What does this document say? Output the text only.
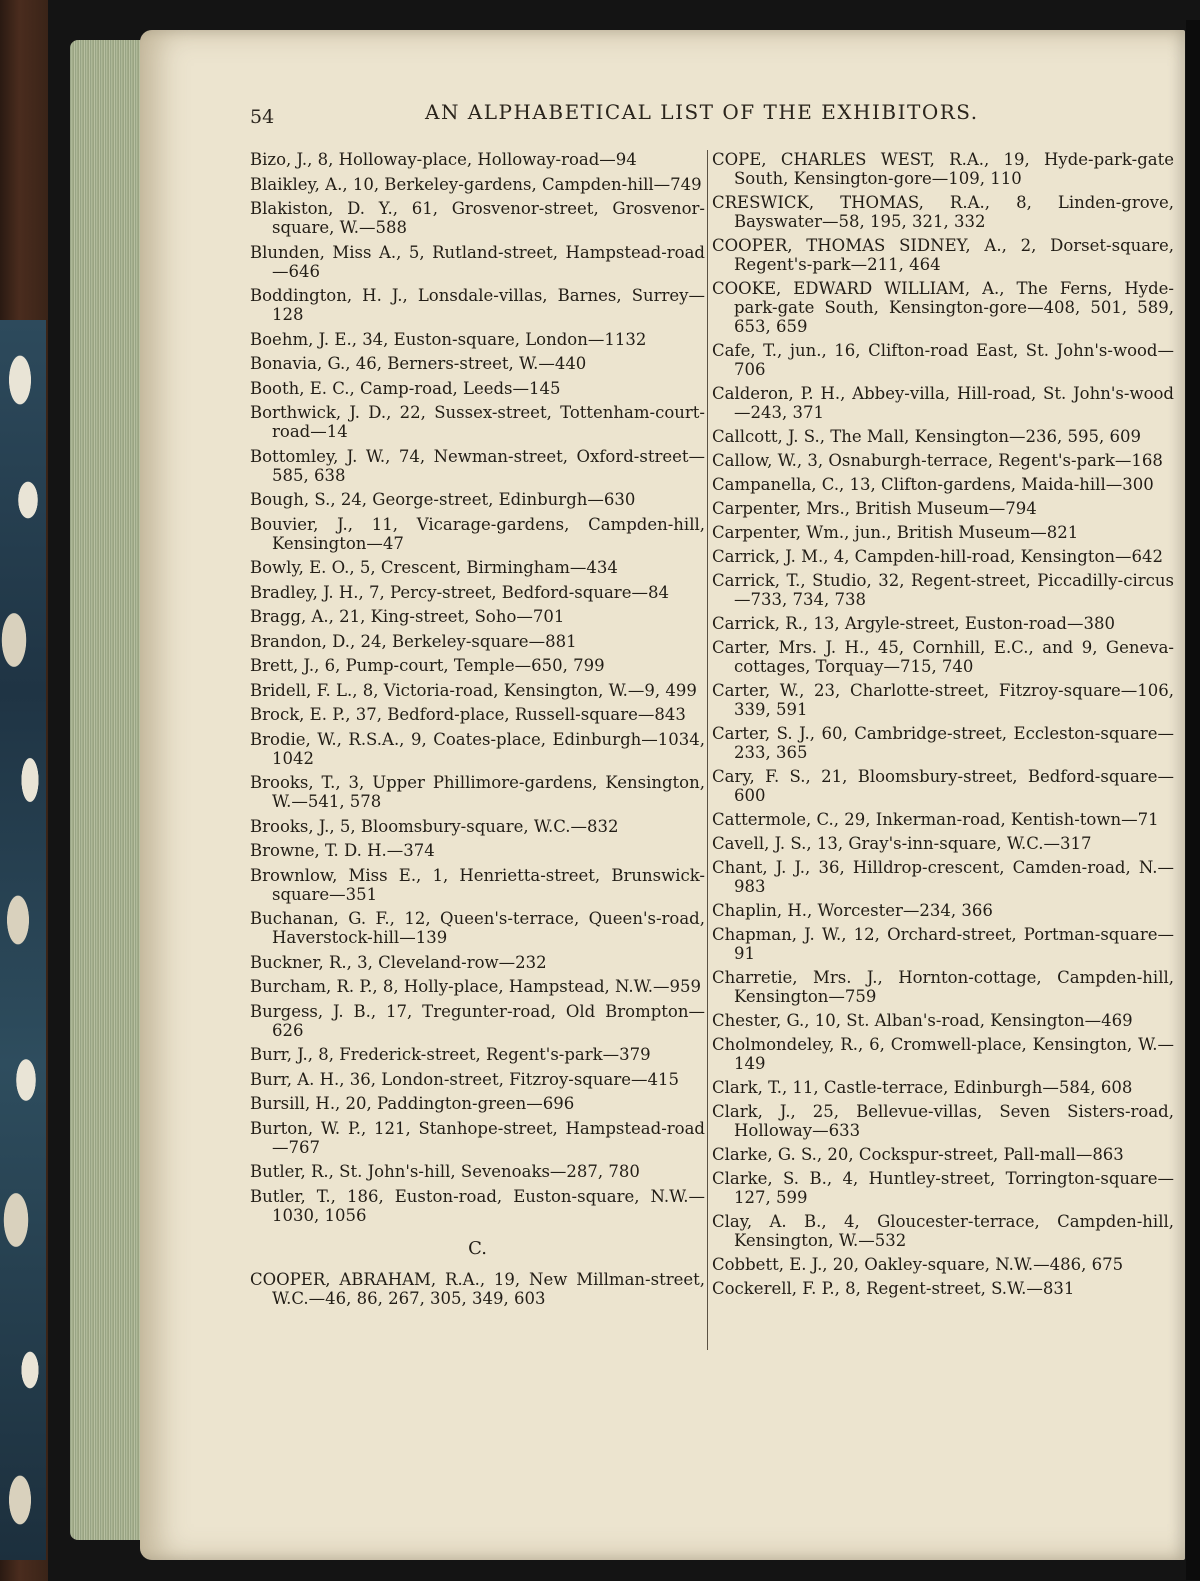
54	AN ALPHABETICAL LIST OF THE EXHIBITORS.
Bizo, J., 8, Holloway-place, Holloway-road—94
Blaikley, A., 10, Berkeley-gardens, Campden-hill—749
Blakiston, D. Y., 61, Grosvenor-street, Grosvenor-square, W.—588
Blunden, Miss A., 5, Rutland-street, Hampstead-road—646
Boddington, H. J., Lonsdale-villas, Barnes, Surrey—128
Boehm, J. E., 34, Euston-square, London—1132
Bonavia, G., 46, Berners-street, W.—440
Booth, E. C., Camp-road, Leeds—145
Borthwick, J. D., 22, Sussex-street, Tottenham-court-road—14
Bottomley, J. W., 74, Newman-street, Oxford-street—585, 638
Bough, S., 24, George-street, Edinburgh—630
Bouvier, J., 11, Vicarage-gardens, Campden-hill, Kensington—47
Bowly, E. O., 5, Crescent, Birmingham—434
Bradley, J. H., 7, Percy-street, Bedford-square—84
Bragg, A., 21, King-street, Soho—701
Brandon, D., 24, Berkeley-square—881
Brett, J., 6, Pump-court, Temple—650, 799
Bridell, F. L., 8, Victoria-road, Kensington, W.—9, 499
Brock, E. P., 37, Bedford-place, Russell-square—843
Brodie, W., R.S.A., 9, Coates-place, Edinburgh—1034, 1042
Brooks, T., 3, Upper Phillimore-gardens, Kensington, W.—541, 578
Brooks, J., 5, Bloomsbury-square, W.C.—832
Browne, T. D. H.—374
Brownlow, Miss E., 1, Henrietta-street, Brunswick-square—351
Buchanan, G. F., 12, Queen's-terrace, Queen's-road, Haverstock-hill—139
Buckner, R., 3, Cleveland-row—232
Burcham, R. P., 8, Holly-place, Hampstead, N.W.—959
Burgess, J. B., 17, Tregunter-road, Old Brompton—626
Burr, J., 8, Frederick-street, Regent's-park—379
Burr, A. H., 36, London-street, Fitzroy-square—415
Bursill, H., 20, Paddington-green—696
Burton, W. P., 121, Stanhope-street, Hampstead-road—767
Butler, R., St. John's-hill, Sevenoaks—287, 780
Butler, T., 186, Euston-road, Euston-square, N.W.—1030, 1056
C.
COOPER, ABRAHAM, R.A., 19, New Millman-street, W.C.—46, 86, 267, 305, 349, 603
COPE, CHARLES WEST, R.A., 19, Hyde-park-gate South, Kensington-gore—109, 110
CRESWICK, THOMAS, R.A., 8, Linden-grove, Bayswater—58, 195, 321, 332
COOPER, THOMAS SIDNEY, A., 2, Dorset-square, Regent's-park—211, 464
COOKE, EDWARD WILLIAM, A., The Ferns, Hyde-park-gate South, Kensington-gore—408, 501, 589, 653, 659
Cafe, T., jun., 16, Clifton-road East, St. John's-wood—706
Calderon, P. H., Abbey-villa, Hill-road, St. John's-wood—243, 371
Callcott, J. S., The Mall, Kensington—236, 595, 609
Callow, W., 3, Osnaburgh-terrace, Regent's-park—168
Campanella, C., 13, Clifton-gardens, Maida-hill—300
Carpenter, Mrs., British Museum—794
Carpenter, Wm., jun., British Museum—821
Carrick, J. M., 4, Campden-hill-road, Kensington—642
Carrick, T., Studio, 32, Regent-street, Piccadilly-circus—733, 734, 738
Carrick, R., 13, Argyle-street, Euston-road—380
Carter, Mrs. J. H., 45, Cornhill, E.C., and 9, Geneva-cottages, Torquay—715, 740
Carter, W., 23, Charlotte-street, Fitzroy-square—106, 339, 591
Carter, S. J., 60, Cambridge-street, Eccleston-square—233, 365
Cary, F. S., 21, Bloomsbury-street, Bedford-square—600
Cattermole, C., 29, Inkerman-road, Kentish-town—71
Cavell, J. S., 13, Gray's-inn-square, W.C.—317
Chant, J. J., 36, Hilldrop-crescent, Camden-road, N.—983
Chaplin, H., Worcester—234, 366
Chapman, J. W., 12, Orchard-street, Portman-square—91
Charretie, Mrs. J., Hornton-cottage, Campden-hill, Kensington—759
Chester, G., 10, St. Alban's-road, Kensington—469
Cholmondeley, R., 6, Cromwell-place, Kensington, W.—149
Clark, T., 11, Castle-terrace, Edinburgh—584, 608
Clark, J., 25, Bellevue-villas, Seven Sisters-road, Holloway—633
Clarke, G. S., 20, Cockspur-street, Pall-mall—863
Clarke, S. B., 4, Huntley-street, Torrington-square—127, 599
Clay, A. B., 4, Gloucester-terrace, Campden-hill, Kensington, W.—532
Cobbett, E. J., 20, Oakley-square, N.W.—486, 675
Cockerell, F. P., 8, Regent-street, S.W.—831
